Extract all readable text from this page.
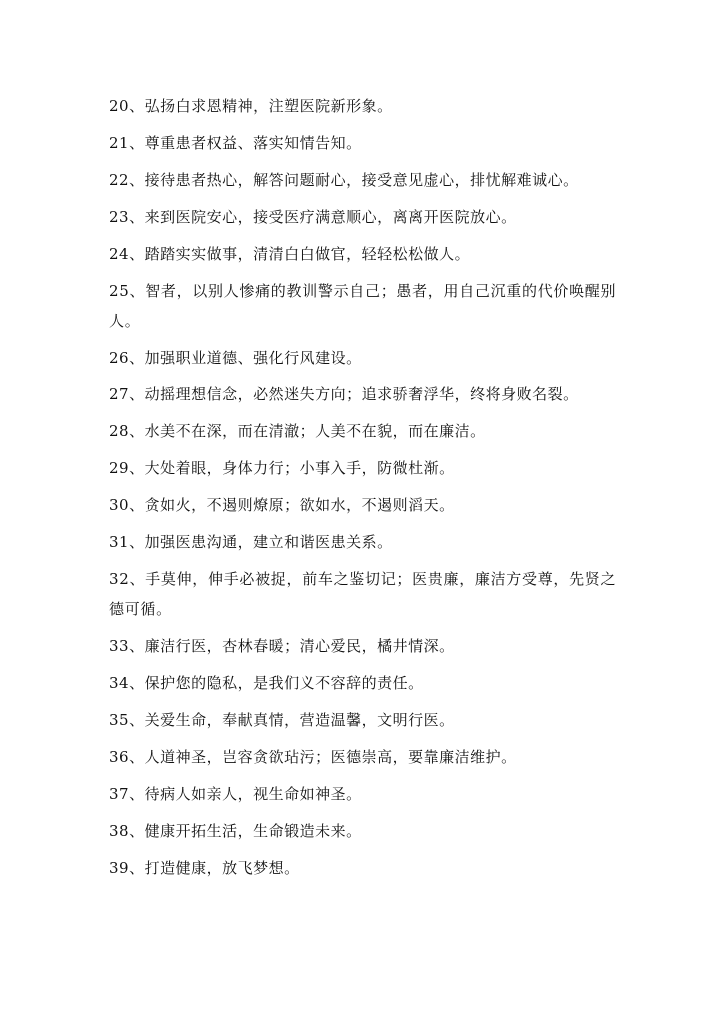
20、弘扬白求恩精神，注塑医院新形象。
21、尊重患者权益、落实知情告知。
22、接待患者热心，解答问题耐心，接受意见虚心，排忧解难诚心。
23、来到医院安心，接受医疗满意顺心，离离开医院放心。
24、踏踏实实做事，清清白白做官，轻轻松松做人。
25、智者，以别人惨痛的教训警示自己；愚者，用自己沉重的代价唤醒别人。
26、加强职业道德、强化行风建设。
27、动摇理想信念，必然迷失方向；追求骄奢浮华，终将身败名裂。
28、水美不在深，而在清澈；人美不在貌，而在廉洁。
29、大处着眼，身体力行；小事入手，防微杜渐。
30、贪如火，不遏则燎原；欲如水，不遏则滔天。
31、加强医患沟通，建立和谐医患关系。
32、手莫伸，伸手必被捉，前车之鉴切记；医贵廉，廉洁方受尊，先贤之德可循。
33、廉洁行医，杏林春暖；清心爱民，橘井情深。
34、保护您的隐私，是我们义不容辞的责任。
35、关爱生命，奉献真情，营造温馨，文明行医。
36、人道神圣，岂容贪欲玷污；医德崇高，要靠廉洁维护。
37、待病人如亲人，视生命如神圣。
38、健康开拓生活，生命锻造未来。
39、打造健康，放飞梦想。
